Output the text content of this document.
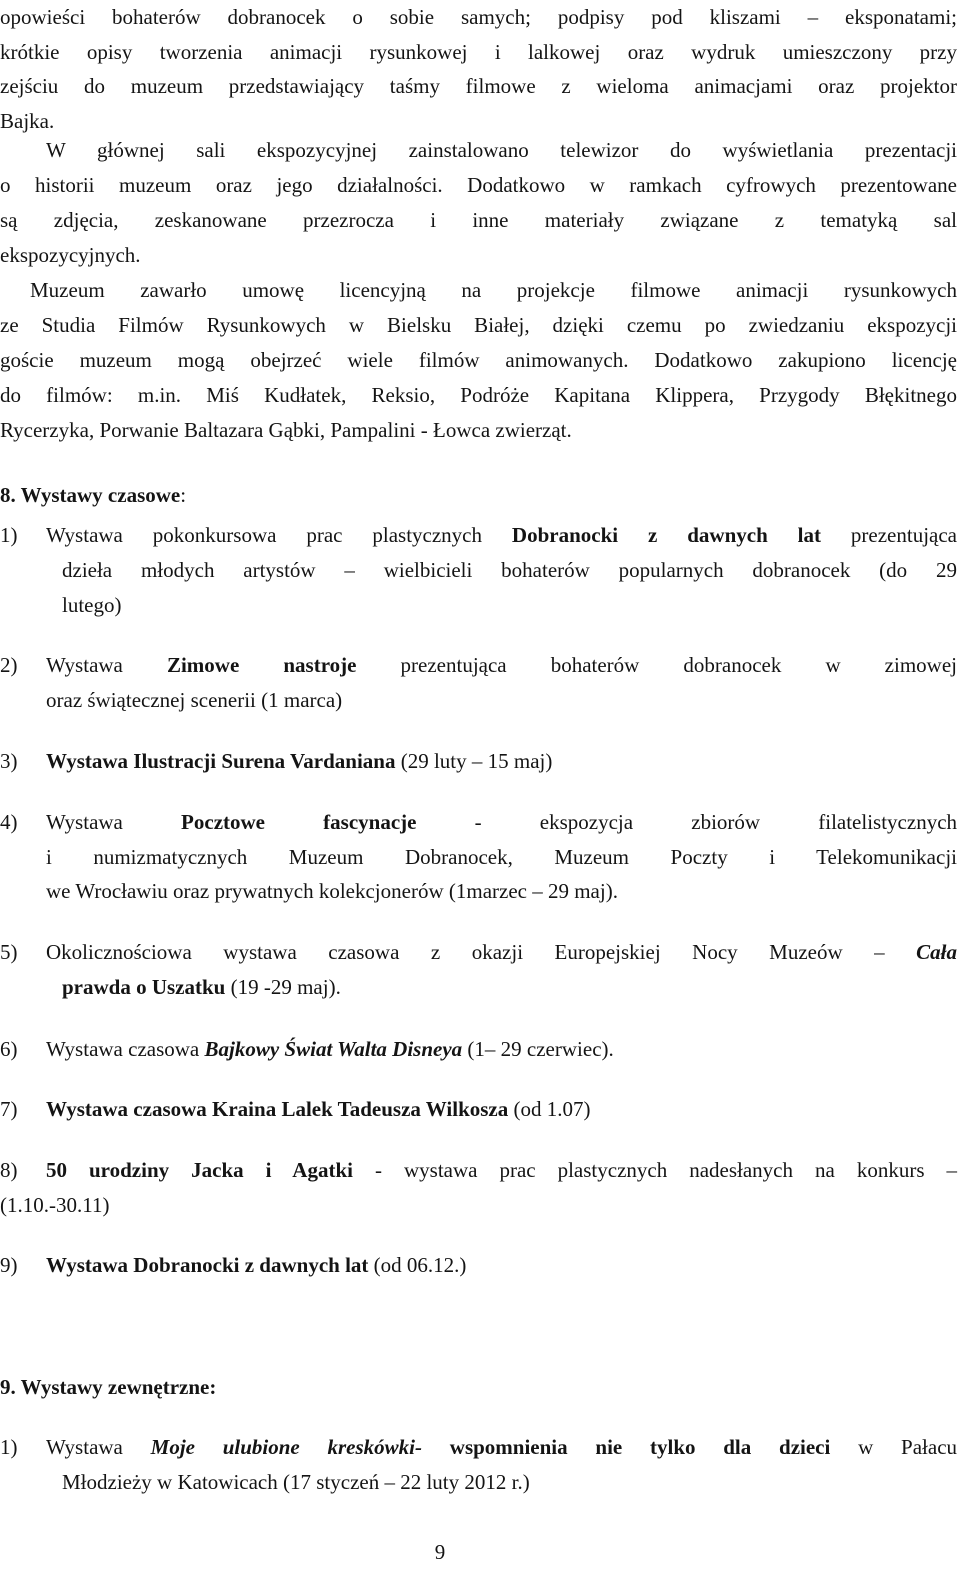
opowieści bohaterów dobranocek o sobie samych; podpisy pod kliszami – eksponatami;
krótkie opisy tworzenia animacji rysunkowej i lalkowej oraz wydruk umieszczony przy
zejściu do muzeum przedstawiający taśmy filmowe z wieloma animacjami oraz projektor
Bajka.
W głównej sali ekspozycyjnej zainstalowano telewizor do wyświetlania prezentacji
o historii muzeum oraz jego działalności. Dodatkowo w ramkach cyfrowych prezentowane
są zdjęcia, zeskanowane przezrocza i inne materiały związane z tematyką sal
ekspozycyjnych.
Muzeum zawarło umowę licencyjną na projekcje filmowe animacji rysunkowych
ze Studia Filmów Rysunkowych w Bielsku Białej, dzięki czemu po zwiedzaniu ekspozycji
goście muzeum mogą obejrzeć wiele filmów animowanych. Dodatkowo zakupiono licencję
do filmów: m.in. Miś Kudłatek, Reksio, Podróże Kapitana Klippera, Przygody Błękitnego
Rycerzyka, Porwanie Baltazara Gąbki, Pampalini - Łowca zwierząt.
8. Wystawy czasowe:
1) Wystawa pokonkursowa prac plastycznych Dobranocki z dawnych lat prezentująca
dzieła młodych artystów – wielbicieli bohaterów popularnych dobranocek (do 29
lutego)
2) Wystawa Zimowe nastroje prezentująca bohaterów dobranocek w zimowej
oraz świątecznej scenerii (1 marca)
3) Wystawa Ilustracji Surena Vardaniana (29 luty – 15 maj)
4) Wystawa	Pocztowe fascynacje	- ekspozycja zbiorów filatelistycznych
i numizmatycznych Muzeum Dobranocek, Muzeum Poczty i Telekomunikacji
we Wrocławiu oraz prywatnych kolekcjonerów (1marzec – 29 maj).
5) Okolicznościowa wystawa czasowa z okazji Europejskiej Nocy Muzeów – Cała
prawda o Uszatku (19 -29 maj).
6) Wystawa czasowa Bajkowy Świat Walta Disneya (1– 29 czerwiec).
7) Wystawa czasowa Kraina Lalek Tadeusza Wilkosza (od 1.07)
8) 50 urodziny Jacka i Agatki - wystawa prac plastycznych nadesłanych na konkurs –
(1.10.-30.11)
9) Wystawa Dobranocki z dawnych lat (od 06.12.)
9. Wystawy zewnętrzne:
1) Wystawa Moje ulubione kreskówki- wspomnienia nie tylko dla dzieci w Pałacu
Młodzieży w Katowicach (17 styczeń – 22 luty 2012 r.)
9
